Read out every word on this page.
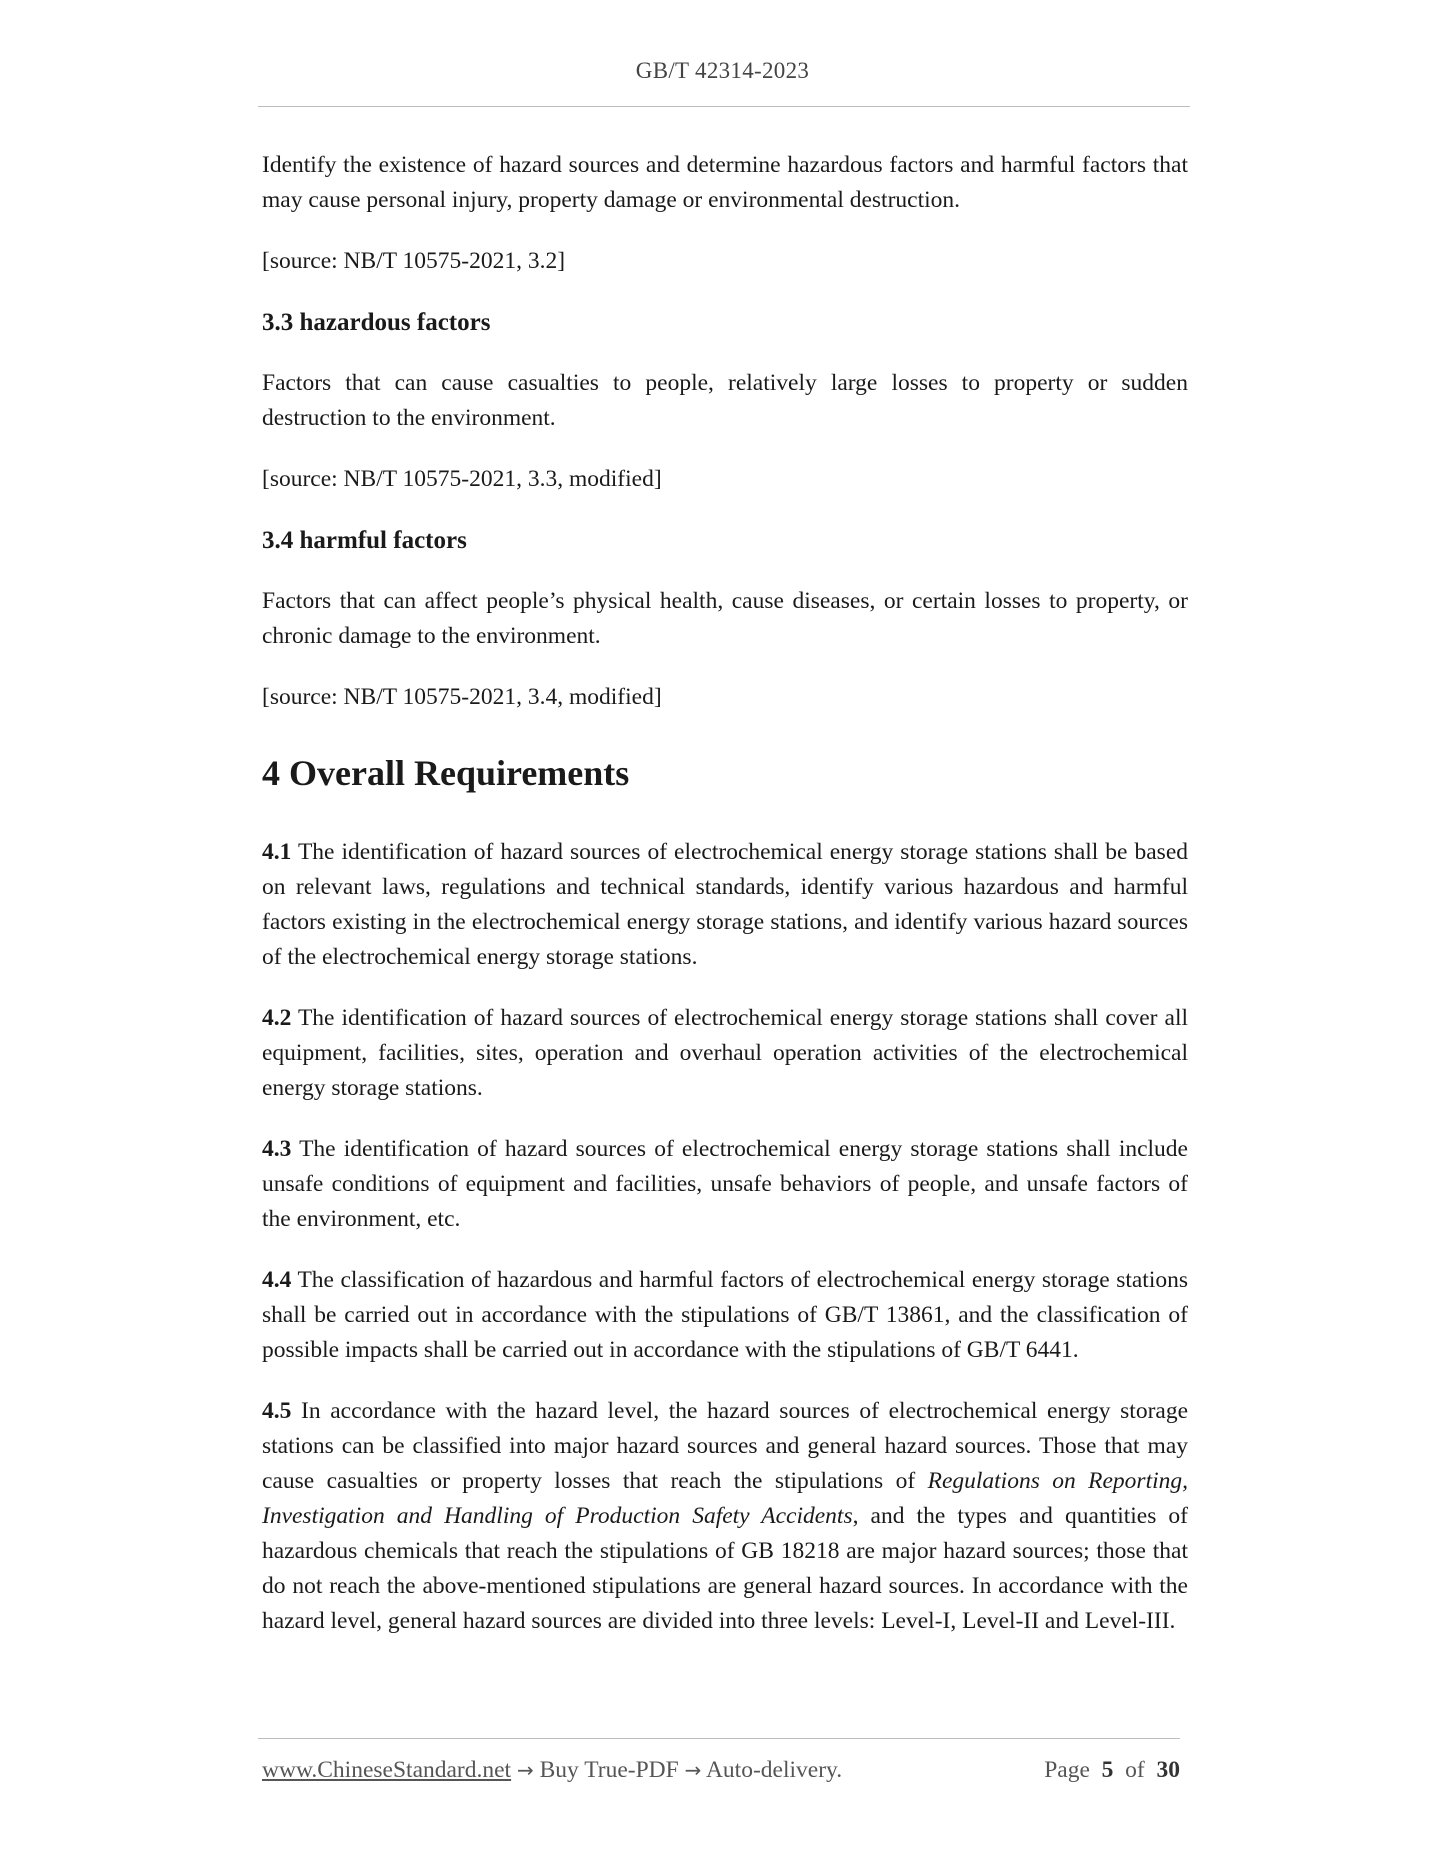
GB/T 42314-2023

Identify the existence of hazard sources and determine hazardous factors and harmful factors that may cause personal injury, property damage or environmental destruction.

[source: NB/T 10575-2021, 3.2]

3.3 hazardous factors

Factors that can cause casualties to people, relatively large losses to property or sudden destruction to the environment.

[source: NB/T 10575-2021, 3.3, modified]

3.4 harmful factors

Factors that can affect people’s physical health, cause diseases, or certain losses to property, or chronic damage to the environment.

[source: NB/T 10575-2021, 3.4, modified]

4 Overall Requirements

4.1 The identification of hazard sources of electrochemical energy storage stations shall be based on relevant laws, regulations and technical standards, identify various hazardous and harmful factors existing in the electrochemical energy storage stations, and identify various hazard sources of the electrochemical energy storage stations.

4.2 The identification of hazard sources of electrochemical energy storage stations shall cover all equipment, facilities, sites, operation and overhaul operation activities of the electrochemical energy storage stations.

4.3 The identification of hazard sources of electrochemical energy storage stations shall include unsafe conditions of equipment and facilities, unsafe behaviors of people, and unsafe factors of the environment, etc.

4.4 The classification of hazardous and harmful factors of electrochemical energy storage stations shall be carried out in accordance with the stipulations of GB/T 13861, and the classification of possible impacts shall be carried out in accordance with the stipulations of GB/T 6441.

4.5 In accordance with the hazard level, the hazard sources of electrochemical energy storage stations can be classified into major hazard sources and general hazard sources. Those that may cause casualties or property losses that reach the stipulations of Regulations on Reporting, Investigation and Handling of Production Safety Accidents, and the types and quantities of hazardous chemicals that reach the stipulations of GB 18218 are major hazard sources; those that do not reach the above-mentioned stipulations are general hazard sources. In accordance with the hazard level, general hazard sources are divided into three levels: Level-I, Level-II and Level-III.

www.ChineseStandard.net → Buy True-PDF → Auto-delivery.	Page 5 of 30
